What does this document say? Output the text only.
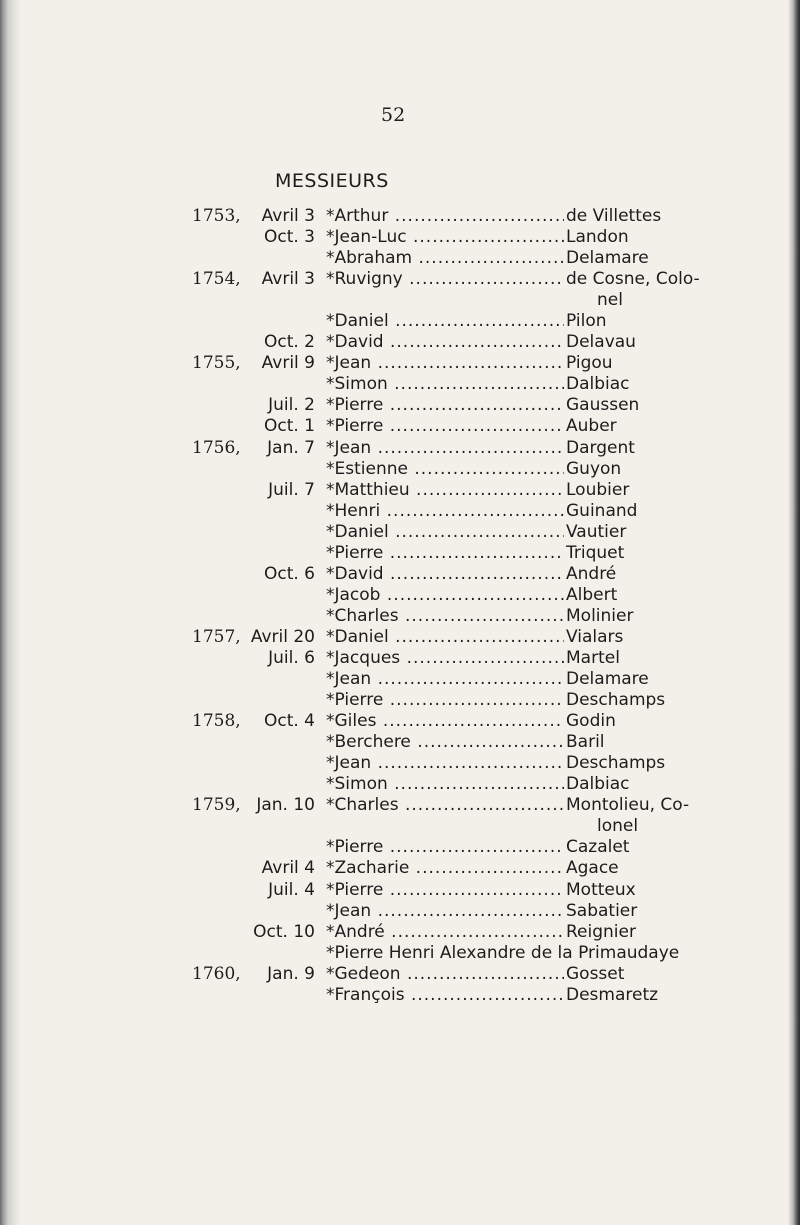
52
MESSIEURS
1753,	Avril 3 *Arthur .....	de Villettes
Oct. 3 *Jean-Luc .....	Landon
*Abraham .....	Delamare
1754,	Avril 3 *Ruvigny .....	de Cosne, Colo-
nel
*Daniel .....	Pilon
Oct. 2 *David .....	Delavau
1755,	Avril 9 *Jean .....	Pigou
*Simon .....	Dalbiac
Juil. 2 *Pierre .....	Gaussen
Oct. 1 *Pierre .....	Auber
1756,	Jan. 7 *Jean .....	Dargent
*Estienne .....	Guyon
Juil. 7 *Matthieu .....	Loubier
*Henri .....	Guinand
*Daniel .....	Vautier
*Pierre .....	Triquet
Oct. 6 *David .....	André
*Jacob .....	Albert
*Charles .....	Molinier
1757, Avril 20 *Daniel .....	Vialars
Juil. 6 *Jacques .....	Martel
*Jean .....	Delamare
*Pierre .....	Deschamps
1758,	Oct. 4 *Giles .....	Godin
*Berchere .....	Baril
*Jean .....	Deschamps
*Simon .....	Dalbiac
1759, Jan. 10 *Charles .....	Montolieu, Co-
lonel
*Pierre .....	Cazalet
Avril 4 *Zacharie .....	Agace
Juil. 4 *Pierre .....	Motteux
*Jean .....	Sabatier
Oct. 10 *André .....	Reignier
*Pierre Henri Alexandre de la Primaudaye
1760,	Jan. 9 *Gedeon .....	Gosset
*François .....	Desmaretz
